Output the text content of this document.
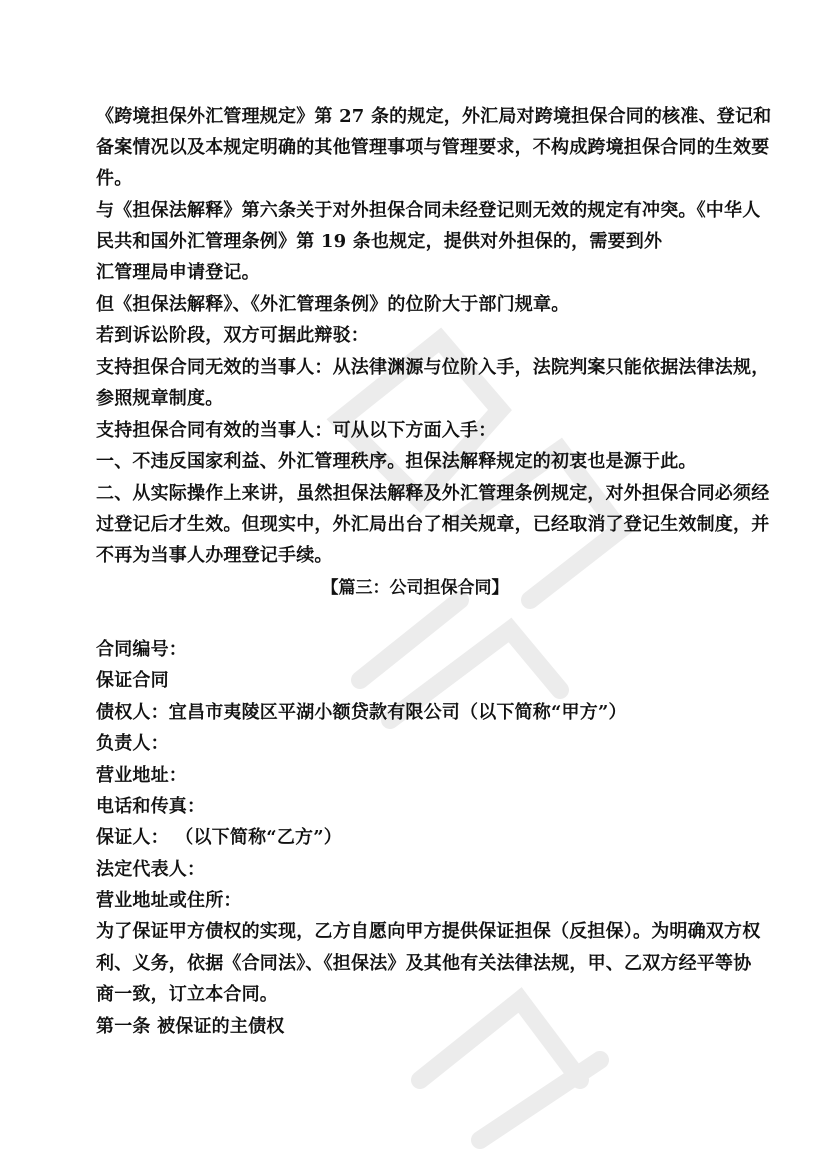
《跨境担保外汇管理规定》第 27 条的规定，外汇局对跨境担保合同的核准、登记和
备案情况以及本规定明确的其他管理事项与管理要求，不构成跨境担保合同的生效要
件。
与《担保法解释》第六条关于对外担保合同未经登记则无效的规定有冲突。《中华人
民共和国外汇管理条例》第 19 条也规定，提供对外担保的，需要到外
汇管理局申请登记。
但《担保法解释》、《外汇管理条例》的位阶大于部门规章。
若到诉讼阶段，双方可据此辩驳：
支持担保合同无效的当事人：从法律渊源与位阶入手，法院判案只能依据法律法规，
参照规章制度。
支持担保合同有效的当事人：可从以下方面入手：
一、不违反国家利益、外汇管理秩序。担保法解释规定的初衷也是源于此。
二、从实际操作上来讲，虽然担保法解释及外汇管理条例规定，对外担保合同必须经
过登记后才生效。但现实中，外汇局出台了相关规章，已经取消了登记生效制度，并
不再为当事人办理登记手续。
【篇三：公司担保合同】
合同编号：
保证合同
债权人：宜昌市夷陵区平湖小额贷款有限公司（以下简称“甲方”）
负责人：
营业地址：
电话和传真：
保证人： （以下简称“乙方”）
法定代表人：
营业地址或住所：
为了保证甲方债权的实现，乙方自愿向甲方提供保证担保（反担保）。为明确双方权
利、义务，依据《合同法》、《担保法》及其他有关法律法规，甲、乙双方经平等协
商一致，订立本合同。
第一条 被保证的主债权
